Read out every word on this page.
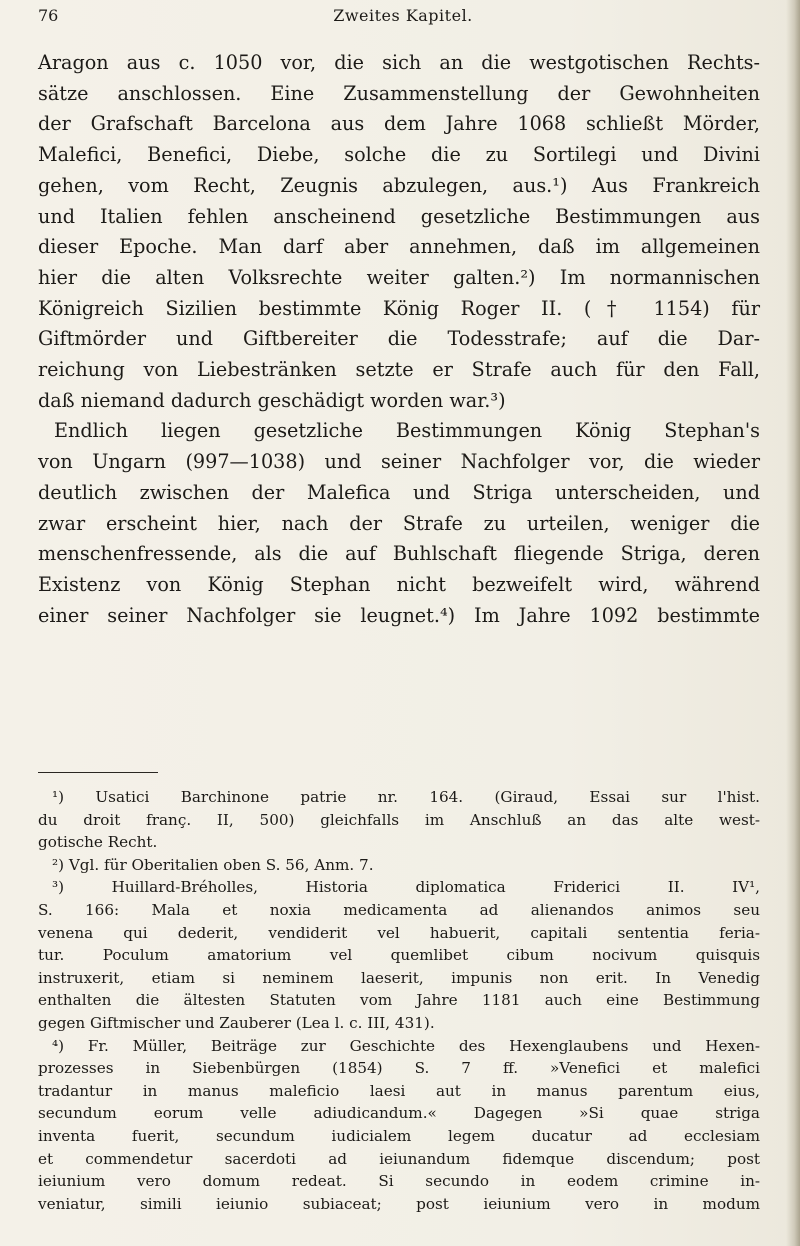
76	Zweites Kapitel.
Aragon aus c. 1050 vor, die sich an die westgotischen Rechts-
sätze anschlossen. Eine Zusammenstellung der Gewohnheiten
der Grafschaft Barcelona aus dem Jahre 1068 schließt Mörder,
Malefici, Benefici, Diebe, solche die zu Sortilegi und Divini
gehen, vom Recht, Zeugnis abzulegen, aus.¹) Aus Frankreich
und Italien fehlen anscheinend gesetzliche Bestimmungen aus
dieser Epoche. Man darf aber annehmen, daß im allgemeinen
hier die alten Volksrechte weiter galten.²) Im normannischen
Königreich Sizilien bestimmte König Roger II. († 1154) für
Giftmörder und Giftbereiter die Todesstrafe; auf die Dar-
reichung von Liebestränken setzte er Strafe auch für den Fall,
daß niemand dadurch geschädigt worden war.³)
Endlich liegen gesetzliche Bestimmungen König Stephan's
von Ungarn (997—1038) und seiner Nachfolger vor, die wieder
deutlich zwischen der Malefica und Striga unterscheiden, und
zwar erscheint hier, nach der Strafe zu urteilen, weniger die
menschenfressende, als die auf Buhlschaft fliegende Striga, deren
Existenz von König Stephan nicht bezweifelt wird, während
einer seiner Nachfolger sie leugnet.⁴) Im Jahre 1092 bestimmte
¹) Usatici Barchinone patrie nr. 164. (Giraud, Essai sur l'hist.
du droit franç. II, 500) gleichfalls im Anschluß an das alte west-
gotische Recht.
²) Vgl. für Oberitalien oben S. 56, Anm. 7.
³) Huillard-Bréholles, Historia diplomatica Friderici II. IV¹,
S. 166: Mala et noxia medicamenta ad alienandos animos seu
venena qui dederit, vendiderit vel habuerit, capitali sententia feria-
tur. Poculum amatorium vel quemlibet cibum nocivum quisquis
instruxerit, etiam si neminem laeserit, impunis non erit. In Venedig
enthalten die ältesten Statuten vom Jahre 1181 auch eine Bestimmung
gegen Giftmischer und Zauberer (Lea l. c. III, 431).
⁴) Fr. Müller, Beiträge zur Geschichte des Hexenglaubens und Hexen-
prozesses in Siebenbürgen (1854) S. 7 ff. »Venefici et malefici
tradantur in manus maleficio laesi aut in manus parentum eius,
secundum eorum velle adiudicandum.« Dagegen »Si quae striga
inventa fuerit, secundum iudicialem legem ducatur ad ecclesiam
et commendetur sacerdoti ad ieiunandum fidemque discendum; post
ieiunium vero domum redeat. Si secundo in eodem crimine in-
veniatur, simili ieiunio subiaceat; post ieiunium vero in modum
